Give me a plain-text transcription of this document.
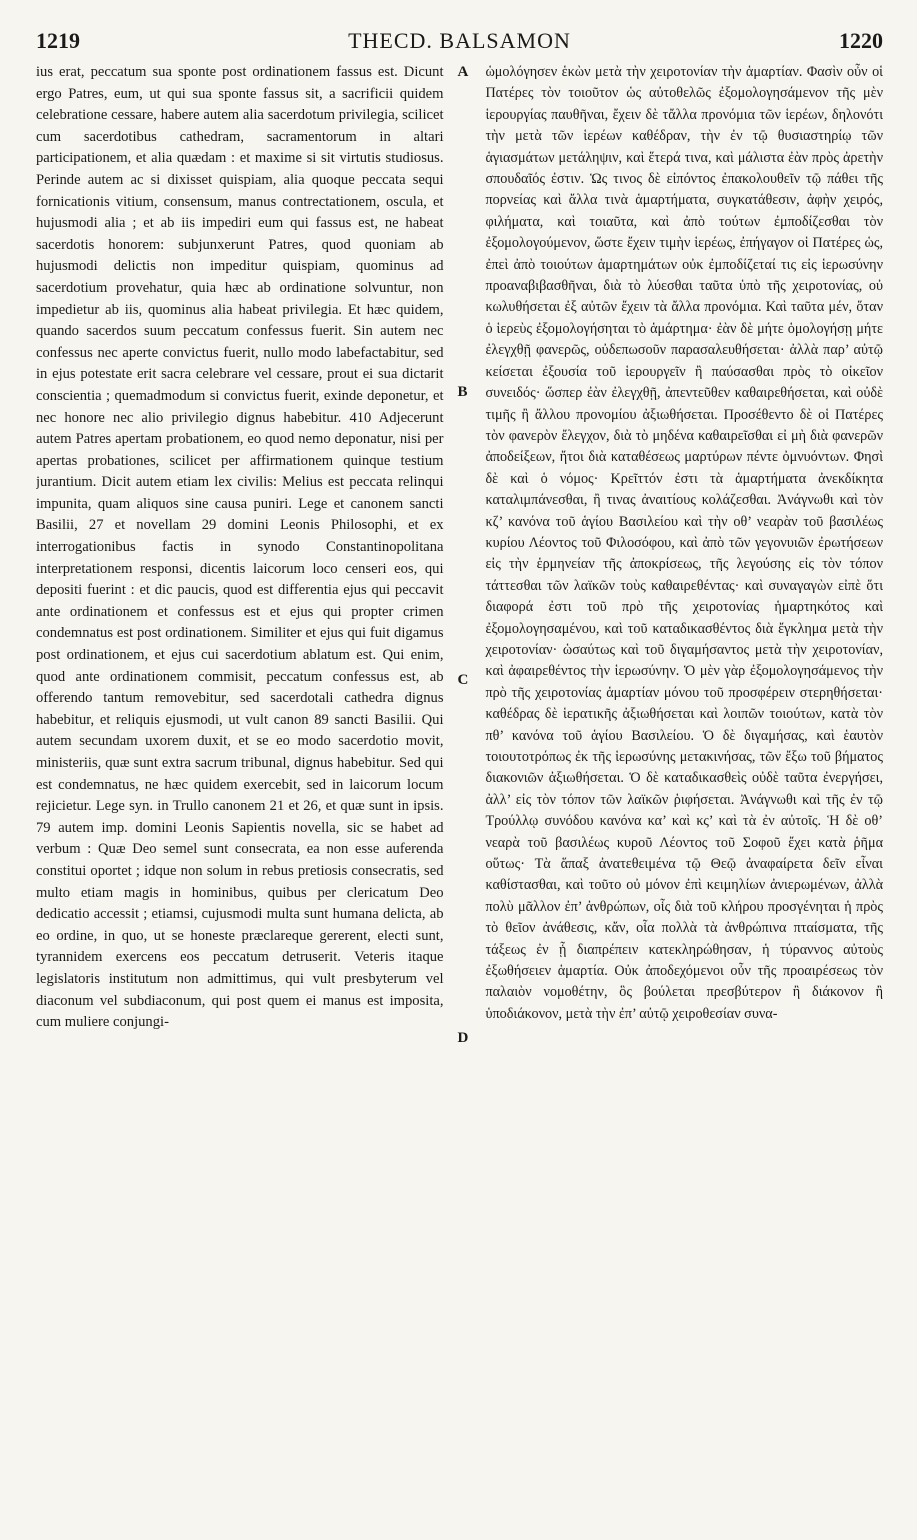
1219	THECD. BALSAMON	1220

ius erat, peccatum sua sponte post ordinationem fassus est. Dicunt ergo Patres, eum, ut qui sua sponte fassus sit, a sacrificii quidem celebratione cessare, habere autem alia sacerdotum privilegia, scilicet cum sacerdotibus cathedram, sacramentorum in altari participationem, et alia quædam : et maxime si sit virtutis studiosus. Perinde autem ac si dixisset quispiam, alia quoque peccata sequi fornicationis vitium, consensum, manus contrectationem, oscula, et hujusmodi alia ; et ab iis impediri eum qui fassus est, ne habeat sacerdotis honorem: subjunxerunt Patres, quod quoniam ab hujusmodi delictis non impeditur quispiam, quominus ad sacerdotium provehatur, quia hæc ab ordinatione solvuntur, non impedietur ab iis, quominus alia habeat privilegia. Et hæc quidem, quando sacerdos suum peccatum confessus fuerit. Sin autem nec confessus nec aperte convictus fuerit, nullo modo labefactabitur, sed in ejus potestate erit sacra celebrare vel cessare, prout ei sua dictarit conscientia ; quemadmodum si convictus fuerit, exinde deponetur, et nec honore nec alio privilegio dignus habebitur. 410 Adjecerunt autem Patres apertam probationem, eo quod nemo deponatur, nisi per apertas probationes, scilicet per affirmationem quinque testium jurantium. Dicit autem etiam lex civilis: Melius est peccata relinqui impunita, quam aliquos sine causa puniri. Lege et canonem sancti Basilii, 27 et novellam 29 domini Leonis Philosophi, et ex interrogationibus factis in synodo Constantinopolitana interpretationem responsi, dicentis laicorum loco censeri eos, qui depositi fuerint : et dic paucis, quod est differentia ejus qui peccavit ante ordinationem et confessus est et ejus qui propter crimen condemnatus est post ordinationem. Similiter et ejus qui fuit digamus post ordinationem, et ejus cui sacerdotium ablatum est. Qui enim, quod ante ordinationem commisit, peccatum confessus est, ab offerendo tantum removebitur, sed sacerdotali cathedra dignus habebitur, et reliquis ejusmodi, ut vult canon 89 sancti Basilii. Qui autem secundam uxorem duxit, et se eo modo sacerdotio movit, ministeriis, quæ sunt extra sacrum tribunal, dignus habebitur. Sed qui est condemnatus, ne hæc quidem exercebit, sed in laicorum locum rejicietur. Lege syn. in Trullo canonem 21 et 26, et quæ sunt in ipsis. 79 autem imp. domini Leonis Sapientis novella, sic se habet ad verbum : Quæ Deo semel sunt consecrata, ea non esse auferenda constitui oportet ; idque non solum in rebus pretiosis consecratis, sed multo etiam magis in hominibus, quibus per clericatum Deo dedicatio accessit ; etiamsi, cujusmodi multa sunt humana delicta, ab eo ordine, in quo, ut se honeste præclareque gererent, electi sunt, tyrannidem exercens eos peccatum detruserit. Veteris itaque legislatoris institutum non admittimus, qui vult presbyterum vel diaconum vel subdiaconum, qui post quem ei manus est imposita, cum muliere conjungi-

A
B
C
D

ὡμολόγησεν ἑκὼν μετὰ τὴν χειροτονίαν τὴν ἁμαρτίαν. Φασὶν οὖν οἱ Πατέρες τὸν τοιοῦτον ὡς αὐτοθελῶς ἐξομολογησάμενον τῆς μὲν ἱερουργίας παυθῆναι, ἔχειν δὲ τἄλλα προνόμια τῶν ἱερέων, δηλονότι τὴν μετὰ τῶν ἱερέων καθέδραν, τὴν ἐν τῷ θυσιαστηρίῳ τῶν ἁγιασμάτων μετάληψιν, καὶ ἕτερά τινα, καὶ μάλιστα ἐὰν πρὸς ἀρετὴν σπουδαῖός ἐστιν. Ὡς τινος δὲ εἰπόντος ἐπακολουθεῖν τῷ πάθει τῆς πορνείας καὶ ἄλλα τινὰ ἁμαρτήματα, συγκατάθεσιν, ἀφὴν χειρός, φιλήματα, καὶ τοιαῦτα, καὶ ἀπὸ τούτων ἐμποδίζεσθαι τὸν ἐξομολογούμενον, ὥστε ἔχειν τιμὴν ἱερέως, ἐπήγαγον οἱ Πατέρες ὡς, ἐπεὶ ἀπὸ τοιούτων ἁμαρτημάτων οὐκ ἐμποδίζεταί τις εἰς ἱερωσύνην προαναβιβασθῆναι, διὰ τὸ λύεσθαι ταῦτα ὑπὸ τῆς χειροτονίας, οὐ κωλυθήσεται ἐξ αὐτῶν ἔχειν τὰ ἄλλα προνόμια. Καὶ ταῦτα μέν, ὅταν ὁ ἱερεὺς ἐξομολογήσηται τὸ ἁμάρτημα· ἐὰν δὲ μήτε ὁμολογήσῃ μήτε ἐλεγχθῇ φανερῶς, οὐδεπωσοῦν παρασαλευθήσεται· ἀλλὰ παρ’ αὐτῷ κείσεται ἐξουσία τοῦ ἱερουργεῖν ἢ παύσασθαι πρὸς τὸ οἰκεῖον συνειδός· ὥσπερ ἐὰν ἐλεγχθῇ, ἀπεντεῦθεν καθαιρεθήσεται, καὶ οὐδὲ τιμῆς ἢ ἄλλου προνομίου ἀξιωθήσεται. Προσέθεντο δὲ οἱ Πατέρες τὸν φανερὸν ἔλεγχον, διὰ τὸ μηδένα καθαιρεῖσθαι εἰ μὴ διὰ φανερῶν ἀποδείξεων, ἤτοι διὰ καταθέσεως μαρτύρων πέντε ὀμνυόντων. Φησὶ δὲ καὶ ὁ νόμος· Κρεῖττόν ἐστι τὰ ἁμαρτήματα ἀνεκδίκητα καταλιμπάνεσθαι, ἢ τινας ἀναιτίους κολάζεσθαι. Ἀνάγνωθι καὶ τὸν κζ’ κανόνα τοῦ ἁγίου Βασιλείου καὶ τὴν οθ’ νεαρὰν τοῦ βασιλέως κυρίου Λέοντος τοῦ Φιλοσόφου, καὶ ἀπὸ τῶν γεγονυιῶν ἐρωτήσεων εἰς τὴν ἑρμηνείαν τῆς ἀποκρίσεως, τῆς λεγούσης εἰς τὸν τόπον τάττεσθαι τῶν λαϊκῶν τοὺς καθαιρεθέντας· καὶ συναγαγὼν εἰπὲ ὅτι διαφορά ἐστι τοῦ πρὸ τῆς χειροτονίας ἡμαρτηκότος καὶ ἐξομολογησαμένου, καὶ τοῦ καταδικασθέντος διὰ ἔγκλημα μετὰ τὴν χειροτονίαν· ὡσαύτως καὶ τοῦ διγαμήσαντος μετὰ τὴν χειροτονίαν, καὶ ἀφαιρεθέντος τὴν ἱερωσύνην. Ὁ μὲν γὰρ ἐξομολογησάμενος τὴν πρὸ τῆς χειροτονίας ἁμαρτίαν μόνου τοῦ προσφέρειν στερηθήσεται· καθέδρας δὲ ἱερατικῆς ἀξιωθήσεται καὶ λοιπῶν τοιούτων, κατὰ τὸν πθ’ κανόνα τοῦ ἁγίου Βασιλείου. Ὁ δὲ διγαμήσας, καὶ ἑαυτὸν τοιουτοτρόπως ἐκ τῆς ἱερωσύνης μετακινήσας, τῶν ἔξω τοῦ βήματος διακονιῶν ἀξιωθήσεται. Ὁ δὲ καταδικασθεὶς οὐδὲ ταῦτα ἐνεργήσει, ἀλλ’ εἰς τὸν τόπον τῶν λαϊκῶν ῥιφήσεται. Ἀνάγνωθι καὶ τῆς ἐν τῷ Τρούλλῳ συνόδου κανόνα κα’ καὶ κς’ καὶ τὰ ἐν αὐτοῖς. Ἡ δὲ οθ’ νεαρὰ τοῦ βασιλέως κυροῦ Λέοντος τοῦ Σοφοῦ ἔχει κατὰ ῥῆμα οὕτως· Τὰ ἅπαξ ἀνατεθειμένα τῷ Θεῷ ἀναφαίρετα δεῖν εἶναι καθίστασθαι, καὶ τοῦτο οὐ μόνον ἐπὶ κειμηλίων ἀνιερωμένων, ἀλλὰ πολὺ μᾶλλον ἐπ’ ἀνθρώπων, οἷς διὰ τοῦ κλήρου προσγένηται ἡ πρὸς τὸ θεῖον ἀνάθεσις, κἄν, οἷα πολλὰ τὰ ἀνθρώπινα πταίσματα, τῆς τάξεως ἐν ᾗ διαπρέπειν κατεκληρώθησαν, ἡ τύραννος αὐτοὺς ἐξωθήσειεν ἁμαρτία. Οὐκ ἀποδεχόμενοι οὖν τῆς προαιρέσεως τὸν παλαιὸν νομοθέτην, ὃς βούλεται πρεσβύτερον ἢ διάκονον ἢ ὑποδιάκονον, μετὰ τὴν ἐπ’ αὐτῷ χειροθεσίαν συνα-
